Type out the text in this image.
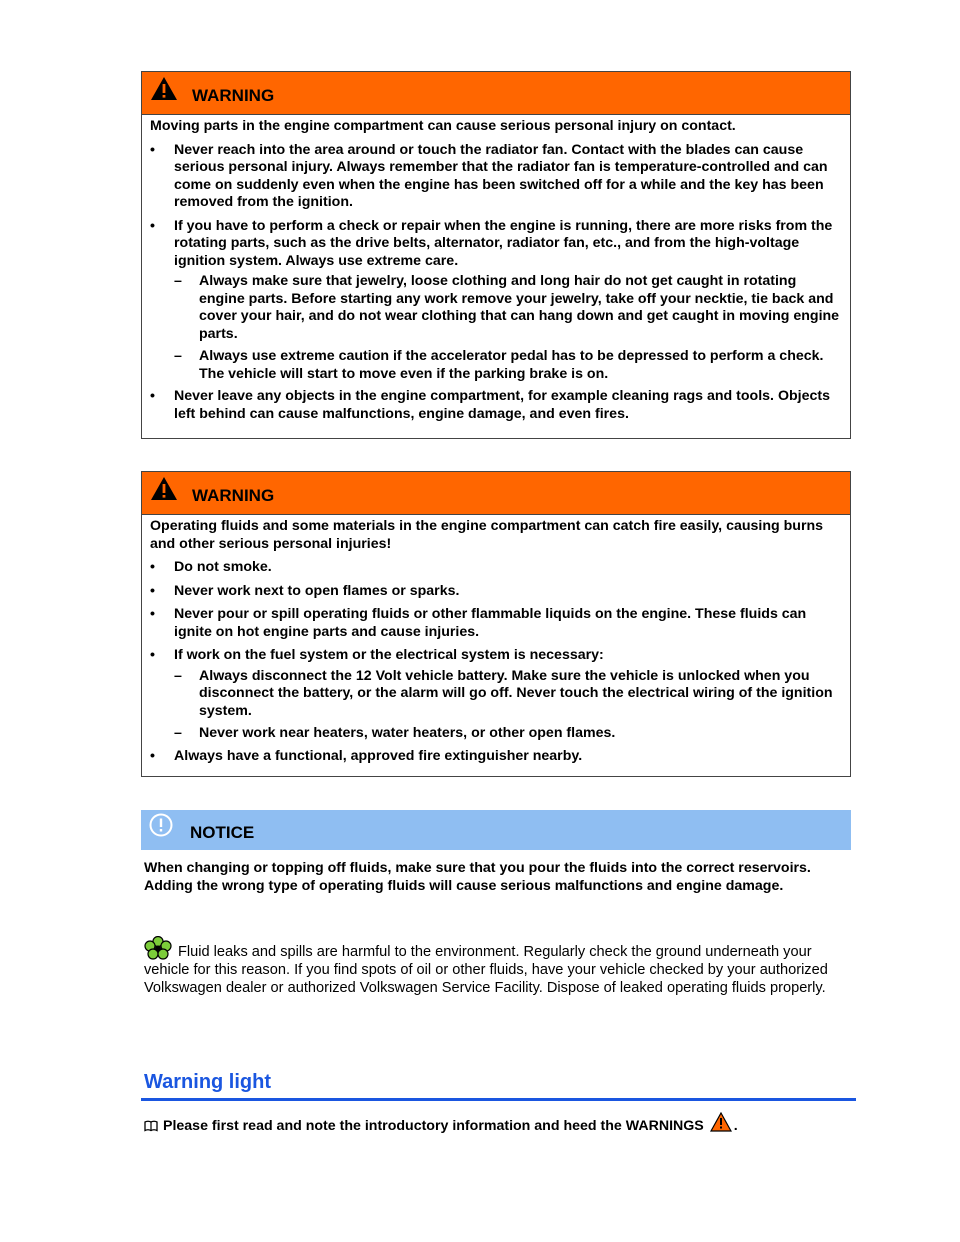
WARNING

Moving parts in the engine compartment can cause serious personal injury on contact.

• Never reach into the area around or touch the radiator fan. Contact with the blades can cause serious personal injury. Always remember that the radiator fan is temperature-controlled and can come on suddenly even when the engine has been switched off for a while and the key has been removed from the ignition.

• If you have to perform a check or repair when the engine is running, there are more risks from the rotating parts, such as the drive belts, alternator, radiator fan, etc., and from the high-voltage ignition system. Always use extreme care.

– Always make sure that jewelry, loose clothing and long hair do not get caught in rotating engine parts. Before starting any work remove your jewelry, take off your necktie, tie back and cover your hair, and do not wear clothing that can hang down and get caught in moving engine parts.

– Always use extreme caution if the accelerator pedal has to be depressed to perform a check. The vehicle will start to move even if the parking brake is on.

• Never leave any objects in the engine compartment, for example cleaning rags and tools. Objects left behind can cause malfunctions, engine damage, and even fires.

WARNING

Operating fluids and some materials in the engine compartment can catch fire easily, causing burns and other serious personal injuries!

• Do not smoke.

• Never work next to open flames or sparks.

• Never pour or spill operating fluids or other flammable liquids on the engine. These fluids can ignite on hot engine parts and cause injuries.

• If work on the fuel system or the electrical system is necessary:

– Always disconnect the 12 Volt vehicle battery. Make sure the vehicle is unlocked when you disconnect the battery, or the alarm will go off. Never touch the electrical wiring of the ignition system.

– Never work near heaters, water heaters, or other open flames.

• Always have a functional, approved fire extinguisher nearby.

NOTICE
When changing or topping off fluids, make sure that you pour the fluids into the correct reservoirs. Adding the wrong type of operating fluids will cause serious malfunctions and engine damage.
Fluid leaks and spills are harmful to the environment. Regularly check the ground underneath your vehicle for this reason. If you find spots of oil or other fluids, have your vehicle checked by your authorized Volkswagen dealer or authorized Volkswagen Service Facility. Dispose of leaked operating fluids properly.
Warning light
Please first read and note the introductory information and heed the WARNINGS .
